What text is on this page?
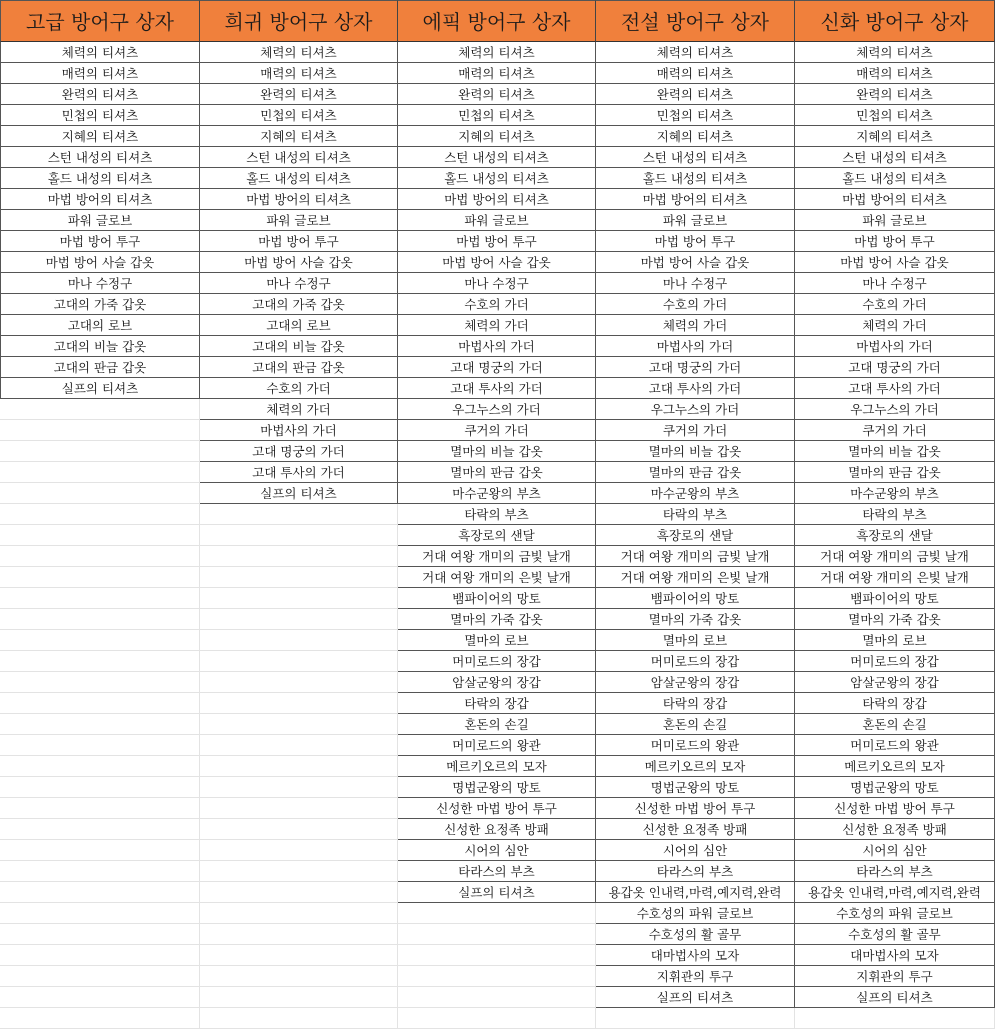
고급 방어구 상자
체력의 티셔츠
매력의 티셔츠
완력의 티셔츠
민첩의 티셔츠
지혜의 티셔츠
스턴 내성의 티셔츠
홀드 내성의 티셔츠
마법 방어의 티셔츠
파워 글로브
마법 방어 투구
마법 방어 사슬 갑옷
마나 수정구
고대의 가죽 갑옷
고대의 로브
고대의 비늘 갑옷
고대의 판금 갑옷
실프의 티셔츠
희귀 방어구 상자
체력의 티셔츠
매력의 티셔츠
완력의 티셔츠
민첩의 티셔츠
지혜의 티셔츠
스턴 내성의 티셔츠
홀드 내성의 티셔츠
마법 방어의 티셔츠
파워 글로브
마법 방어 투구
마법 방어 사슬 갑옷
마나 수정구
고대의 가죽 갑옷
고대의 로브
고대의 비늘 갑옷
고대의 판금 갑옷
수호의 가더
체력의 가더
마법사의 가더
고대 명궁의 가더
고대 투사의 가더
실프의 티셔츠
에픽 방어구 상자
체력의 티셔츠
매력의 티셔츠
완력의 티셔츠
민첩의 티셔츠
지혜의 티셔츠
스턴 내성의 티셔츠
홀드 내성의 티셔츠
마법 방어의 티셔츠
파워 글로브
마법 방어 투구
마법 방어 사슬 갑옷
마나 수정구
수호의 가더
체력의 가더
마법사의 가더
고대 명궁의 가더
고대 투사의 가더
우그누스의 가더
쿠거의 가더
멸마의 비늘 갑옷
멸마의 판금 갑옷
마수군왕의 부츠
타락의 부츠
흑장로의 샌달
거대 여왕 개미의 금빛 날개
거대 여왕 개미의 은빛 날개
뱀파이어의 망토
멸마의 가죽 갑옷
멸마의 로브
머미로드의 장갑
암살군왕의 장갑
타락의 장갑
혼돈의 손길
머미로드의 왕관
메르키오르의 모자
명법군왕의 망토
신성한 마법 방어 투구
신성한 요정족 방패
시어의 심안
타라스의 부츠
실프의 티셔츠
전설 방어구 상자
체력의 티셔츠
매력의 티셔츠
완력의 티셔츠
민첩의 티셔츠
지혜의 티셔츠
스턴 내성의 티셔츠
홀드 내성의 티셔츠
마법 방어의 티셔츠
파워 글로브
마법 방어 투구
마법 방어 사슬 갑옷
마나 수정구
수호의 가더
체력의 가더
마법사의 가더
고대 명궁의 가더
고대 투사의 가더
우그누스의 가더
쿠거의 가더
멸마의 비늘 갑옷
멸마의 판금 갑옷
마수군왕의 부츠
타락의 부츠
흑장로의 샌달
거대 여왕 개미의 금빛 날개
거대 여왕 개미의 은빛 날개
뱀파이어의 망토
멸마의 가죽 갑옷
멸마의 로브
머미로드의 장갑
암살군왕의 장갑
타락의 장갑
혼돈의 손길
머미로드의 왕관
메르키오르의 모자
명법군왕의 망토
신성한 마법 방어 투구
신성한 요정족 방패
시어의 심안
타라스의 부츠
용갑옷 인내력,마력,예지력,완력
수호성의 파워 글로브
수호성의 활 골무
대마법사의 모자
지휘관의 투구
실프의 티셔츠
신화 방어구 상자
체력의 티셔츠
매력의 티셔츠
완력의 티셔츠
민첩의 티셔츠
지혜의 티셔츠
스턴 내성의 티셔츠
홀드 내성의 티셔츠
마법 방어의 티셔츠
파워 글로브
마법 방어 투구
마법 방어 사슬 갑옷
마나 수정구
수호의 가더
체력의 가더
마법사의 가더
고대 명궁의 가더
고대 투사의 가더
우그누스의 가더
쿠거의 가더
멸마의 비늘 갑옷
멸마의 판금 갑옷
마수군왕의 부츠
타락의 부츠
흑장로의 샌달
거대 여왕 개미의 금빛 날개
거대 여왕 개미의 은빛 날개
뱀파이어의 망토
멸마의 가죽 갑옷
멸마의 로브
머미로드의 장갑
암살군왕의 장갑
타락의 장갑
혼돈의 손길
머미로드의 왕관
메르키오르의 모자
명법군왕의 망토
신성한 마법 방어 투구
신성한 요정족 방패
시어의 심안
타라스의 부츠
용갑옷 인내력,마력,예지력,완력
수호성의 파워 글로브
수호성의 활 골무
대마법사의 모자
지휘관의 투구
실프의 티셔츠
